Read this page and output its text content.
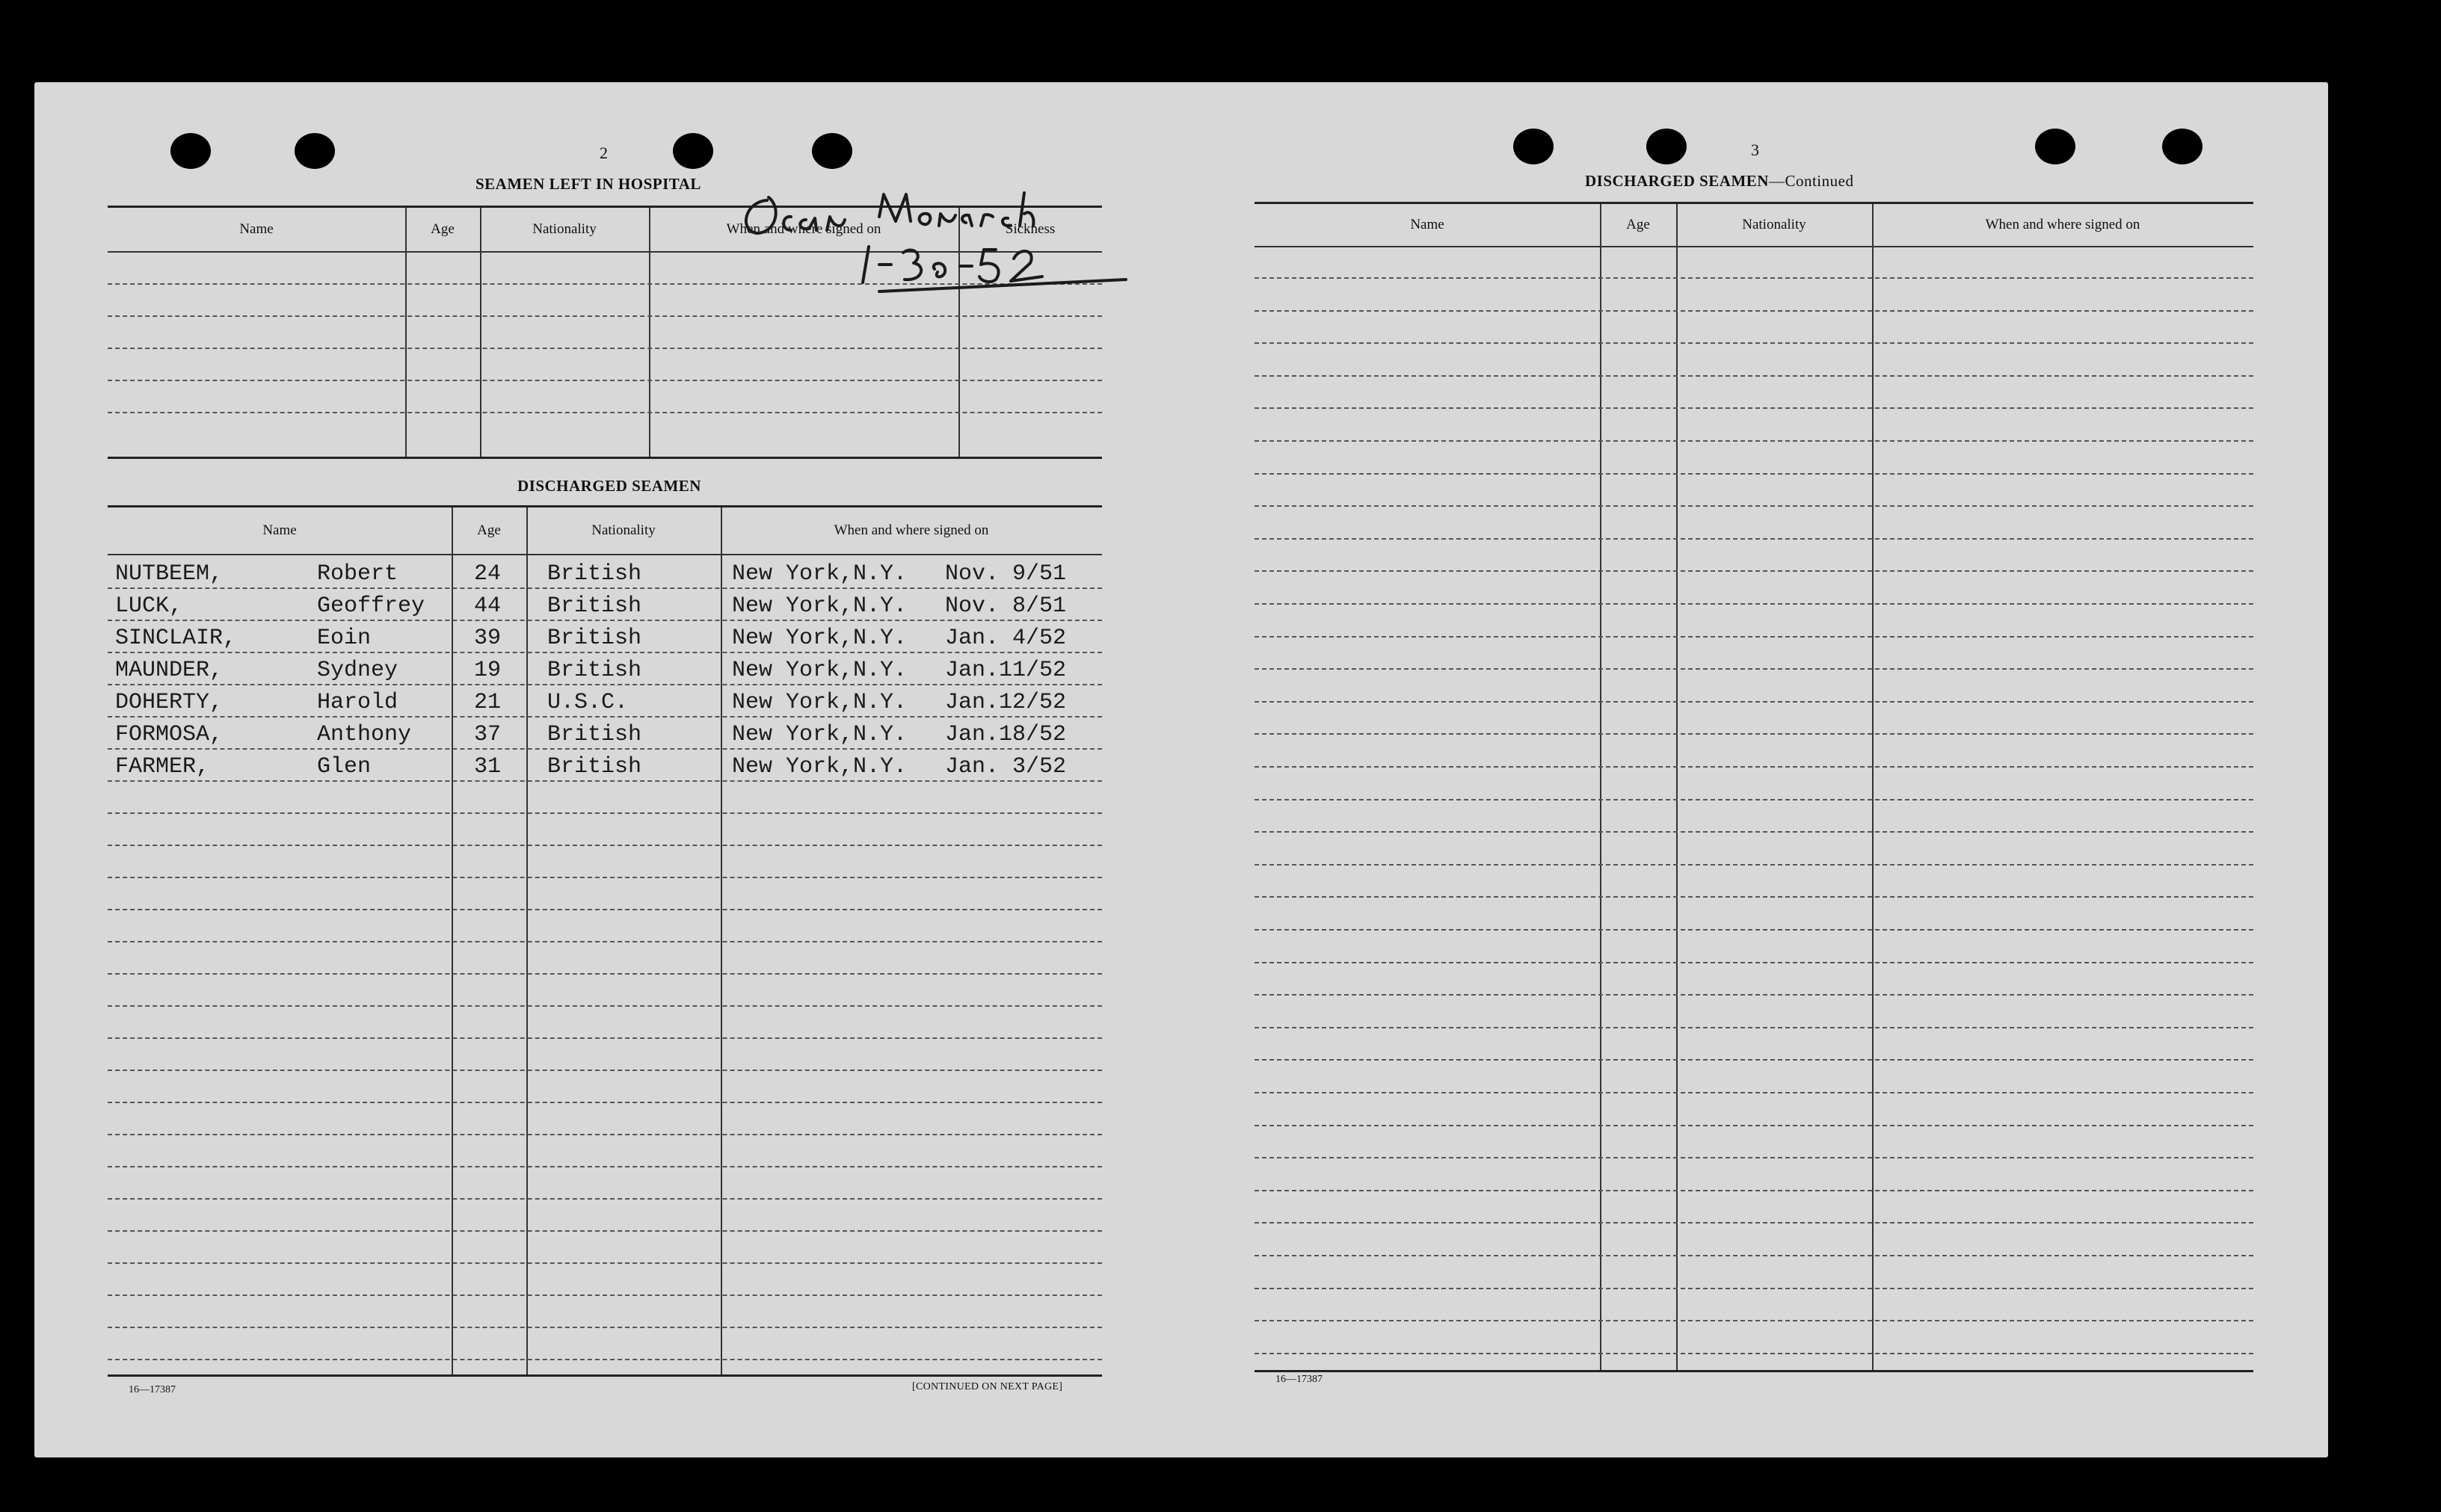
2
SEAMEN LEFT IN HOSPITAL
Name	Age	Nationality	When and where signed on	Sickness
DISCHARGED SEAMEN
Name	Age	Nationality	When and where signed on
NUTBEEM,	Robert	24 British	New York,N.Y. Nov. 9/51
LUCK,	Geoffrey 44 British	New York,N.Y. Nov. 8/51
SINCLAIR,	Eoin	39 British	New York,N.Y. Jan. 4/52
MAUNDER,	Sydney	19 British	New York,N.Y. Jan.11/52
DOHERTY,	Harold	21 U.S.C.	New York,N.Y. Jan.12/52
FORMOSA,	Anthony	37 British	New York,N.Y. Jan.18/52
FARMER,	Glen	31 British	New York,N.Y. Jan. 3/52
16—17387	[CONTINUED ON NEXT PAGE]
3
DISCHARGED SEAMEN—Continued
Name	Age	Nationality	When and where signed on
16—17387
